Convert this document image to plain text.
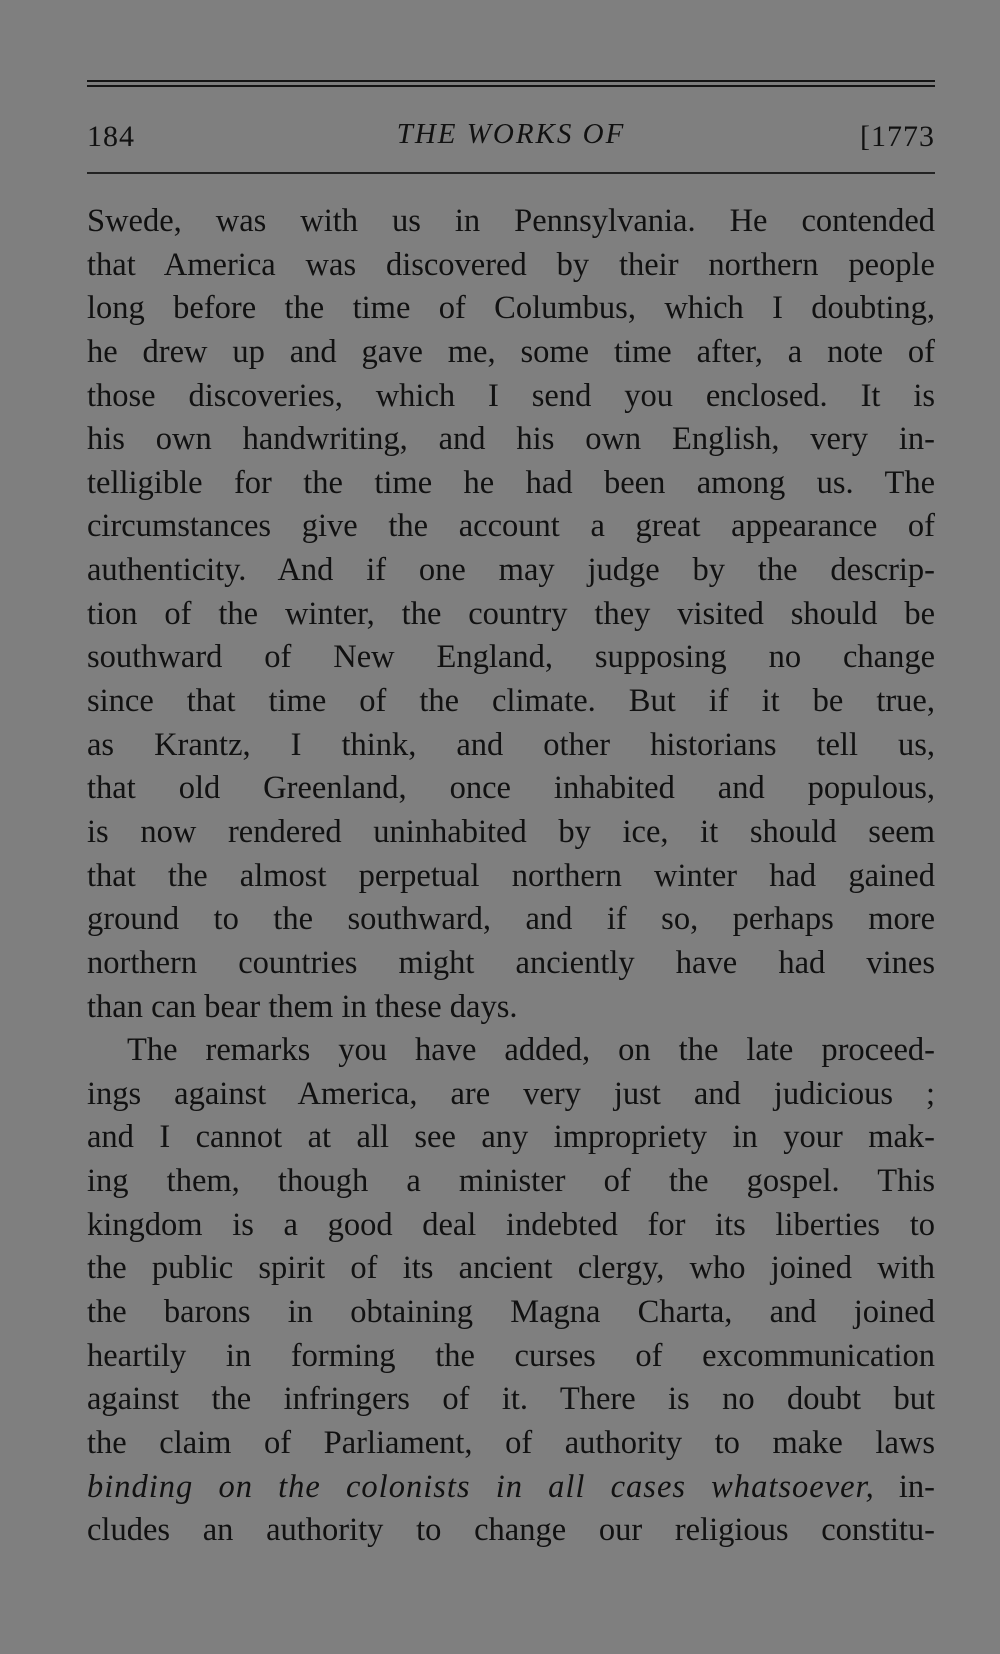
184	THE WORKS OF	[1773
Swede, was with us in Pennsylvania. He contended
that America was discovered by their northern people
long before the time of Columbus, which I doubting,
he drew up and gave me, some time after, a note of
those discoveries, which I send you enclosed. It is
his own handwriting, and his own English, very in-
telligible for the time he had been among us. The
circumstances give the account a great appearance of
authenticity. And if one may judge by the descrip-
tion of the winter, the country they visited should be
southward of New England, supposing no change
since that time of the climate. But if it be true,
as Krantz, I think, and other historians tell us,
that old Greenland, once inhabited and populous,
is now rendered uninhabited by ice, it should seem
that the almost perpetual northern winter had gained
ground to the southward, and if so, perhaps more
northern countries might anciently have had vines
than can bear them in these days.
The remarks you have added, on the late proceed-
ings against America, are very just and judicious ;
and I cannot at all see any impropriety in your mak-
ing them, though a minister of the gospel. This
kingdom is a good deal indebted for its liberties to
the public spirit of its ancient clergy, who joined with
the barons in obtaining Magna Charta, and joined
heartily in forming the curses of excommunication
against the infringers of it. There is no doubt but
the claim of Parliament, of authority to make laws
binding on the colonists in all cases whatsoever, in-
cludes an authority to change our religious constitu-
